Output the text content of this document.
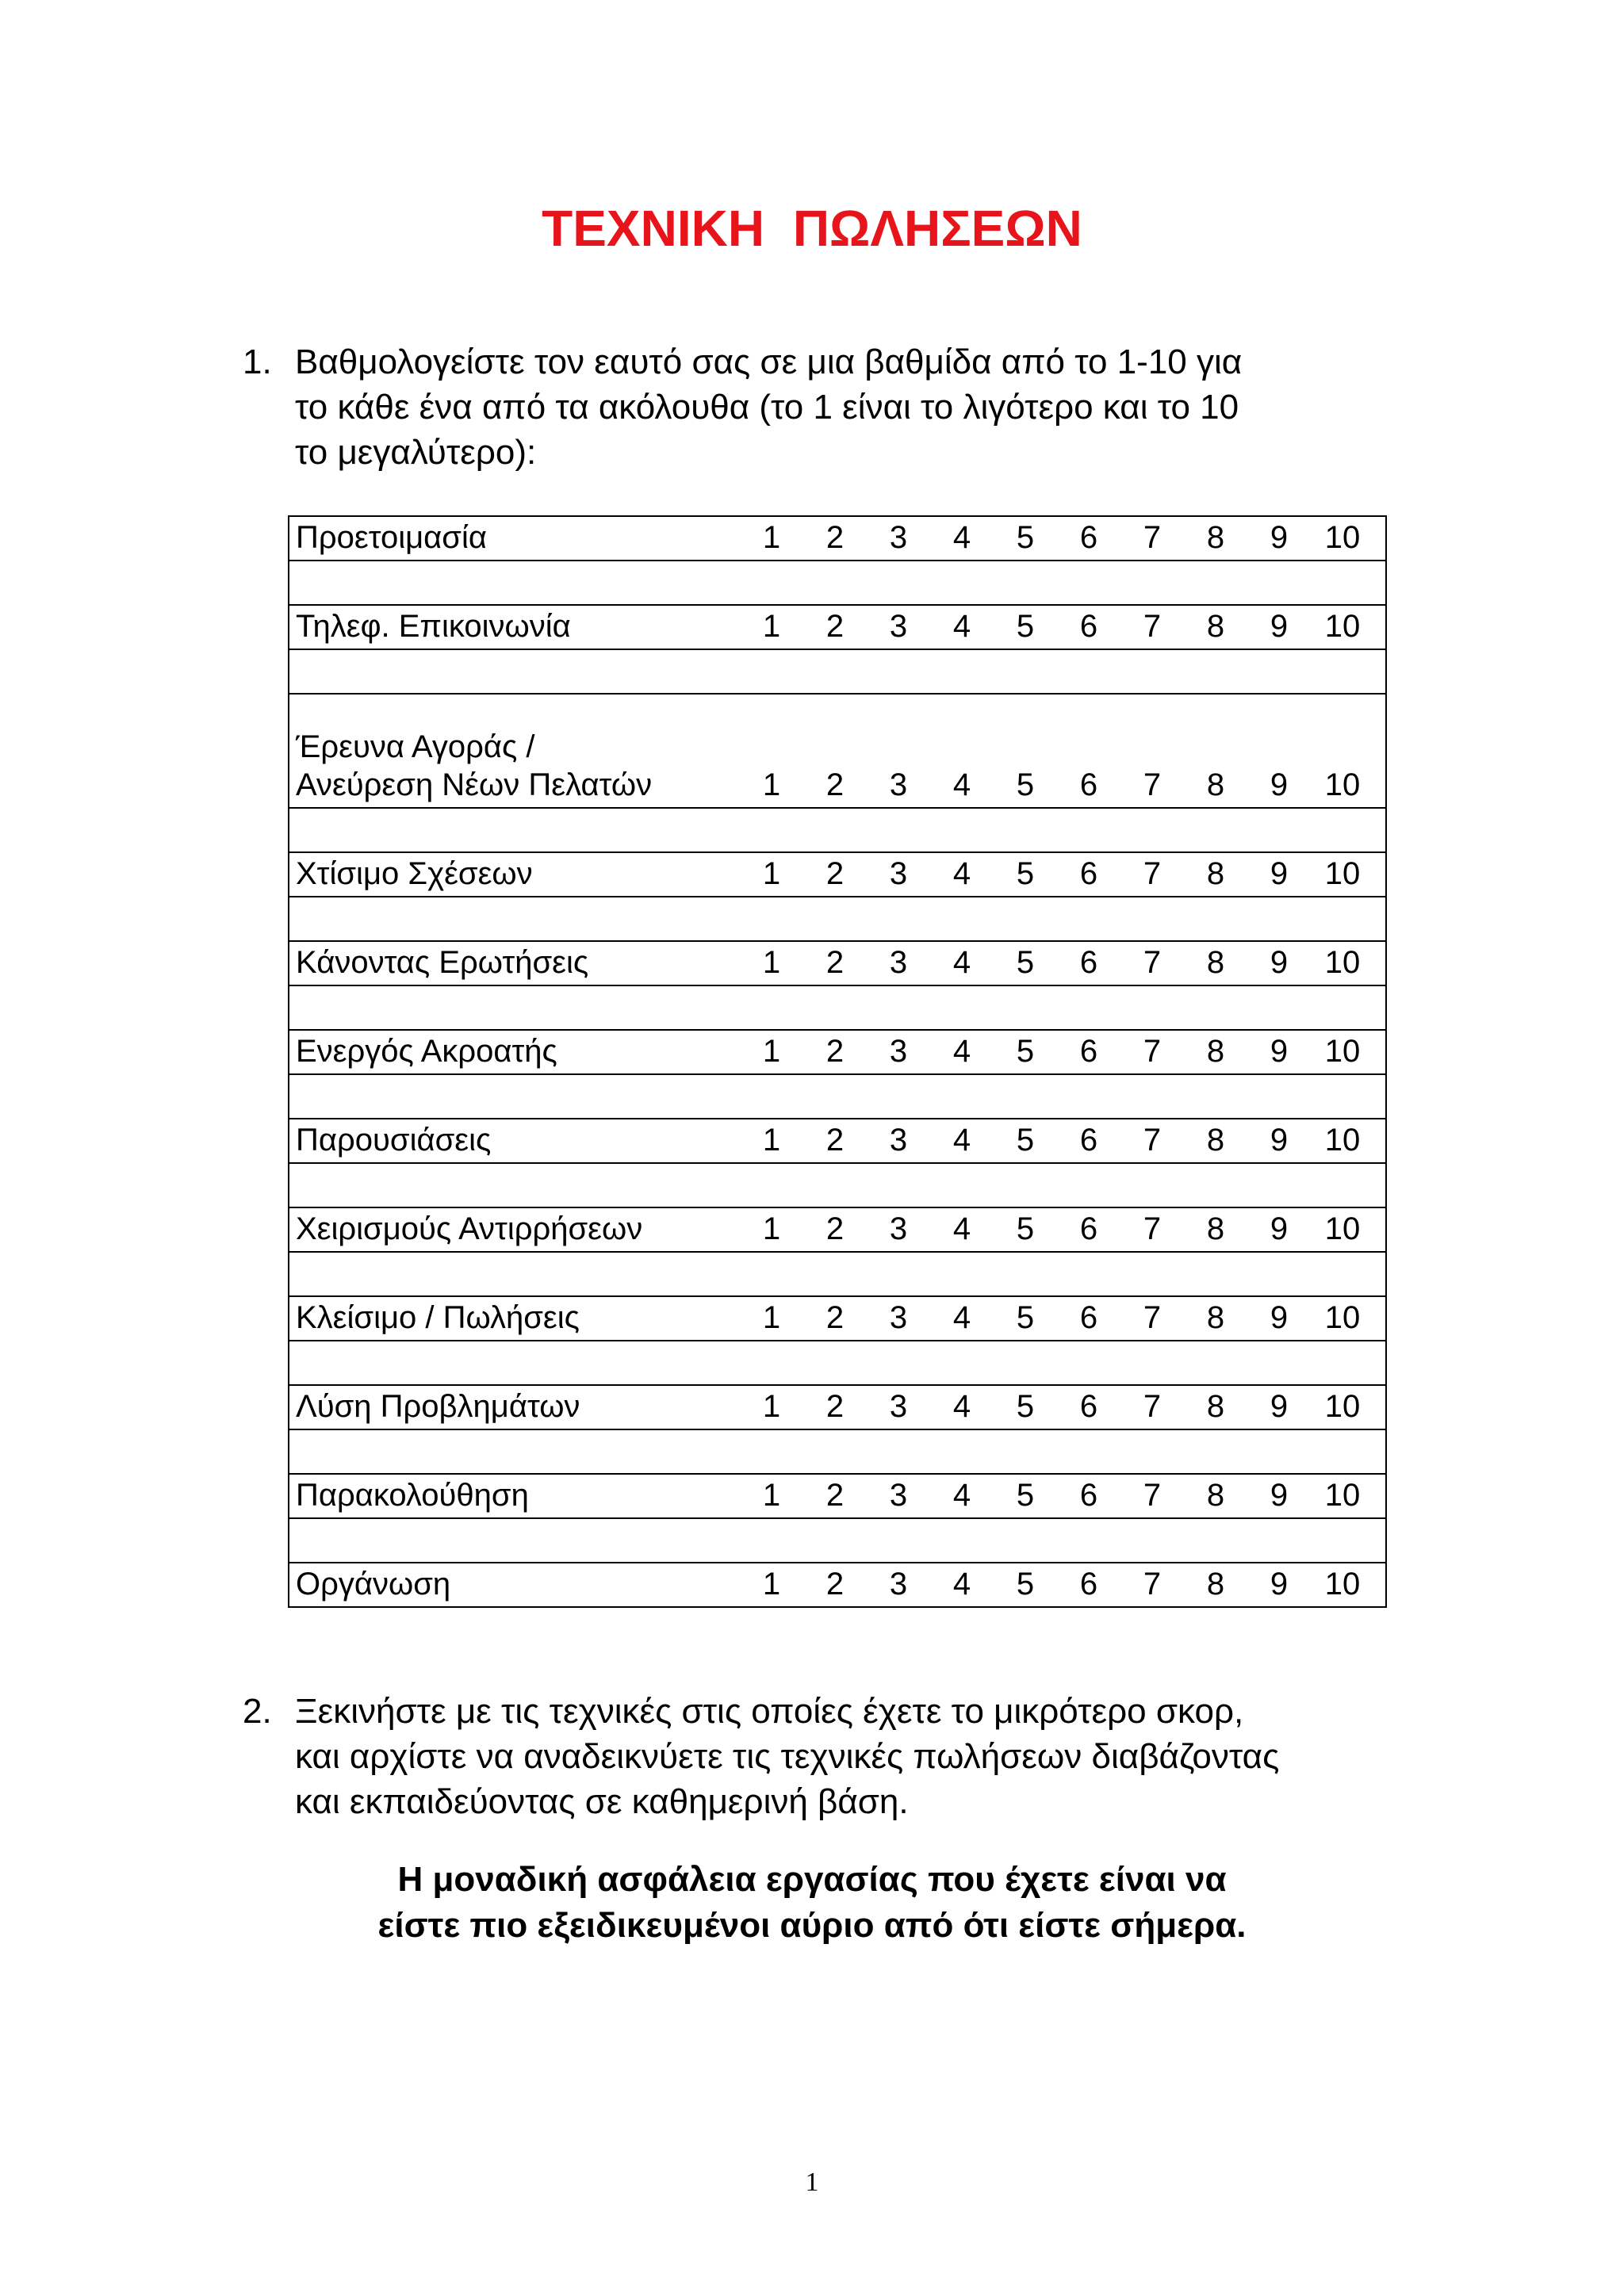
ΤΕΧΝΙΚΗ ΠΩΛΗΣΕΩΝ
1. Βαθμολογείστε τον εαυτό σας σε μια βαθμίδα από το 1-10 για
το κάθε ένα από τα ακόλουθα (το 1 είναι το λιγότερο και το 10
το μεγαλύτερο):
Προετοιμασία	1	2	3	4	5	6	7	8	9	10

Τηλεφ. Επικοινωνία	1	2	3	4	5	6	7	8	9	10

Έρευνα Αγοράς /
Ανεύρεση Νέων Πελατών	1	2	3	4	5	6	7	8	9	10

Χτίσιμο Σχέσεων	1	2	3	4	5	6	7	8	9	10

Κάνοντας Ερωτήσεις	1	2	3	4	5	6	7	8	9	10

Ενεργός Ακροατής	1	2	3	4	5	6	7	8	9	10

Παρουσιάσεις	1	2	3	4	5	6	7	8	9	10

Χειρισμούς Αντιρρήσεων	1	2	3	4	5	6	7	8	9	10

Κλείσιμο / Πωλήσεις	1	2	3	4	5	6	7	8	9	10

Λύση Προβλημάτων	1	2	3	4	5	6	7	8	9	10

Παρακολούθηση	1	2	3	4	5	6	7	8	9	10

Οργάνωση	1	2	3	4	5	6	7	8	9	10
2. Ξεκινήστε με τις τεχνικές στις οποίες έχετε το μικρότερο σκορ,
και αρχίστε να αναδεικνύετε τις τεχνικές πωλήσεων διαβάζοντας
και εκπαιδεύοντας σε καθημερινή βάση.
Η μοναδική ασφάλεια εργασίας που έχετε είναι να
είστε πιο εξειδικευμένοι αύριο από ότι είστε σήμερα.
1
